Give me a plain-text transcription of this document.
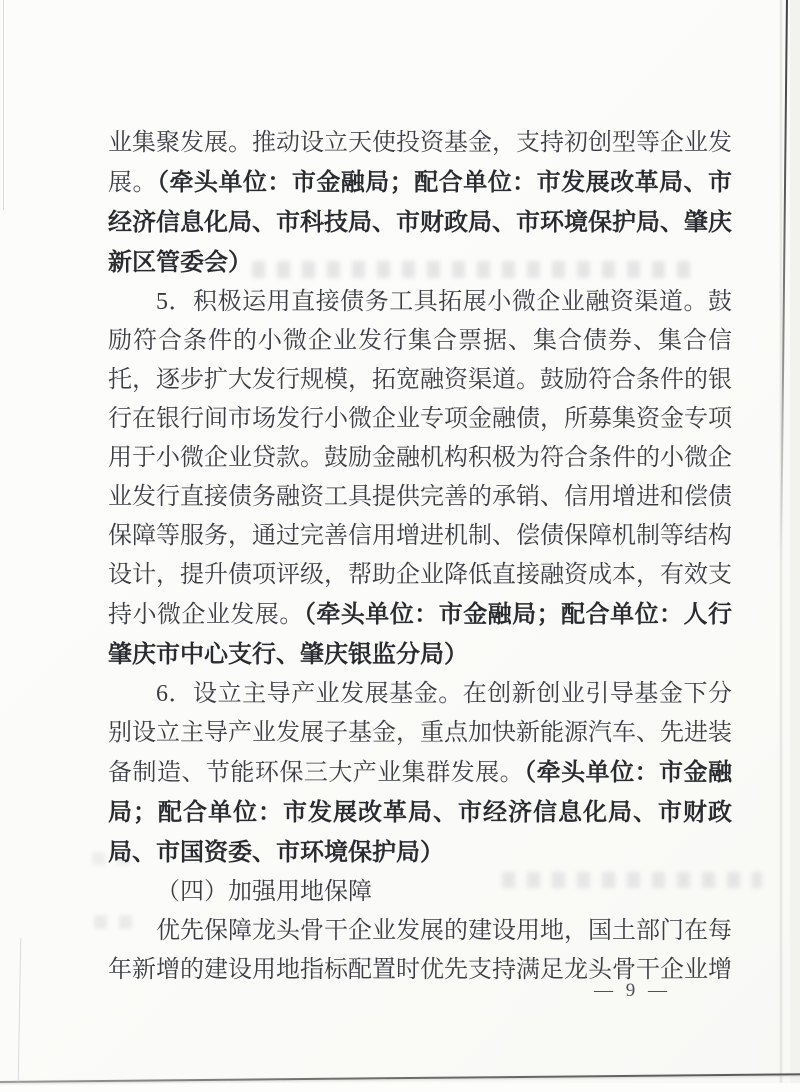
业集聚发展。推动设立天使投资基金，支持初创型等企业发展。（牵头单位：市金融局；配合单位：市发展改革局、市经济信息化局、市科技局、市财政局、市环境保护局、肇庆新区管委会）

5．积极运用直接债务工具拓展小微企业融资渠道。鼓励符合条件的小微企业发行集合票据、集合债券、集合信托，逐步扩大发行规模，拓宽融资渠道。鼓励符合条件的银行在银行间市场发行小微企业专项金融债，所募集资金专项用于小微企业贷款。鼓励金融机构积极为符合条件的小微企业发行直接债务融资工具提供完善的承销、信用增进和偿债保障等服务，通过完善信用增进机制、偿债保障机制等结构设计，提升债项评级，帮助企业降低直接融资成本，有效支持小微企业发展。（牵头单位：市金融局；配合单位：人行肇庆市中心支行、肇庆银监分局）

6．设立主导产业发展基金。在创新创业引导基金下分别设立主导产业发展子基金，重点加快新能源汽车、先进装备制造、节能环保三大产业集群发展。（牵头单位：市金融局；配合单位：市发展改革局、市经济信息化局、市财政局、市国资委、市环境保护局）

（四）加强用地保障

优先保障龙头骨干企业发展的建设用地，国土部门在每年新增的建设用地指标配置时优先支持满足龙头骨干企业增

— 9 —
